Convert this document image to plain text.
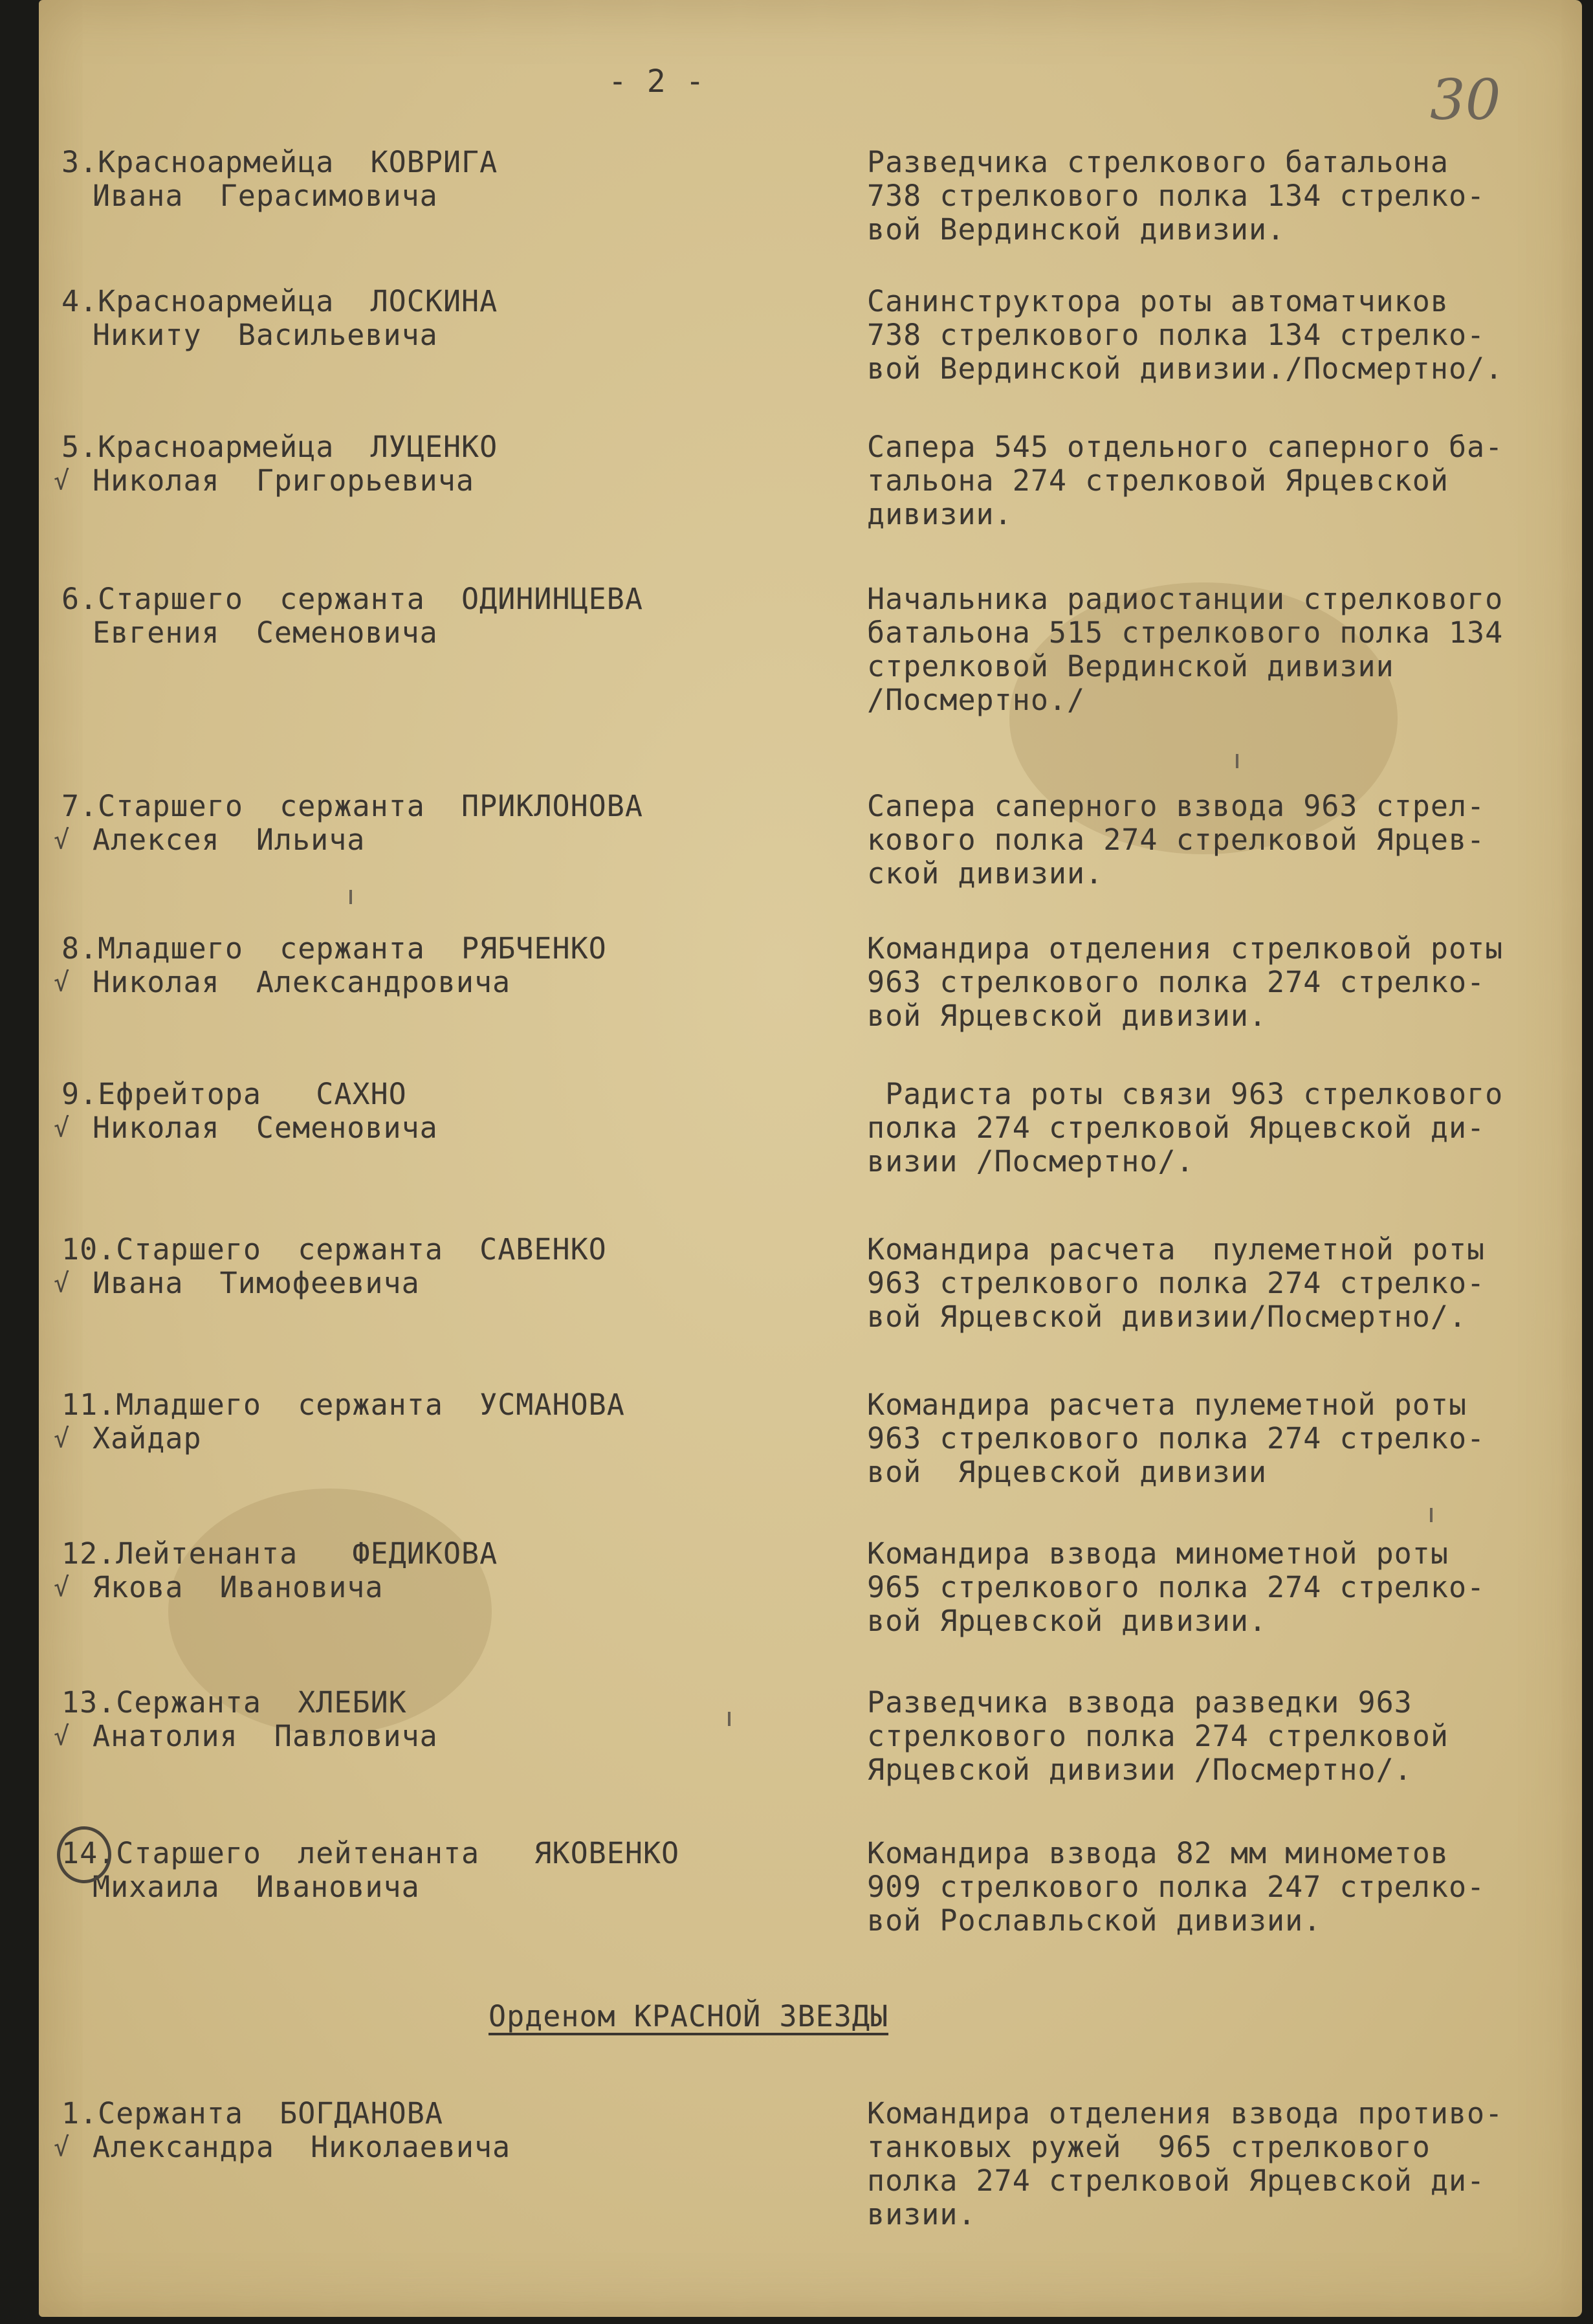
- 2 -	30
3.Красноармейца  КОВРИГА
Ивана  Герасимовича
Разведчика стрелкового батальона
738 стрелкового полка 134 стрелко-
вой Вердинской дивизии.
4.Красноармейца  ЛОСКИНА
Никиту  Васильевича
Санинструктора роты автоматчиков
738 стрелкового полка 134 стрелко-
вой Вердинской дивизии./Посмертно/.
5.Красноармейца  ЛУЦЕНКО
Николая  Григорьевича
√
Сапера 545 отдельного саперного ба-
тальона 274 стрелковой Ярцевской
дивизии.
6.Старшего  сержанта  ОДИНИНЦЕВА
Евгения  Семеновича
Начальника радиостанции стрелкового
батальона 515 стрелкового полка 134
стрелковой Вердинской дивизии
/Посмертно./
7.Старшего  сержанта  ПРИКЛОНОВА
Алексея  Ильича
√
Сапера саперного взвода 963 стрел-
кового полка 274 стрелковой Ярцев-
ской дивизии.
8.Младшего  сержанта  РЯБЧЕНКО
Николая  Александровича
√
Командира отделения стрелковой роты
963 стрелкового полка 274 стрелко-
вой Ярцевской дивизии.
9.Ефрейтора   САХНО
Николая  Семеновича
√
Радиста роты связи 963 стрелкового
полка 274 стрелковой Ярцевской ди-
визии /Посмертно/.
10.Старшего  сержанта  САВЕНКО
Ивана  Тимофеевича
√
Командира расчета  пулеметной роты
963 стрелкового полка 274 стрелко-
вой Ярцевской дивизии/Посмертно/.
11.Младшего  сержанта  УСМАНОВА
Хайдар
√
Командира расчета пулеметной роты
963 стрелкового полка 274 стрелко-
вой  Ярцевской дивизии
12.Лейтенанта   ФЕДИКОВА
Якова  Ивановича
√
Командира взвода минометной роты
965 стрелкового полка 274 стрелко-
вой Ярцевской дивизии.
13.Сержанта  ХЛЕБИК
Анатолия  Павловича
√
Разведчика взвода разведки 963
стрелкового полка 274 стрелковой
Ярцевской дивизии /Посмертно/.
14.Старшего  лейтенанта   ЯКОВЕНКО
Михаила  Ивановича
Командира взвода 82 мм минометов
909 стрелкового полка 247 стрелко-
вой Рославльской дивизии.
1.Сержанта  БОГДАНОВА
Александра  Николаевича
√
Командира отделения взвода противо-
танковых ружей  965 стрелкового
полка 274 стрелковой Ярцевской ди-
визии.
Орденом КРАСНОЙ ЗВЕЗДЫ
